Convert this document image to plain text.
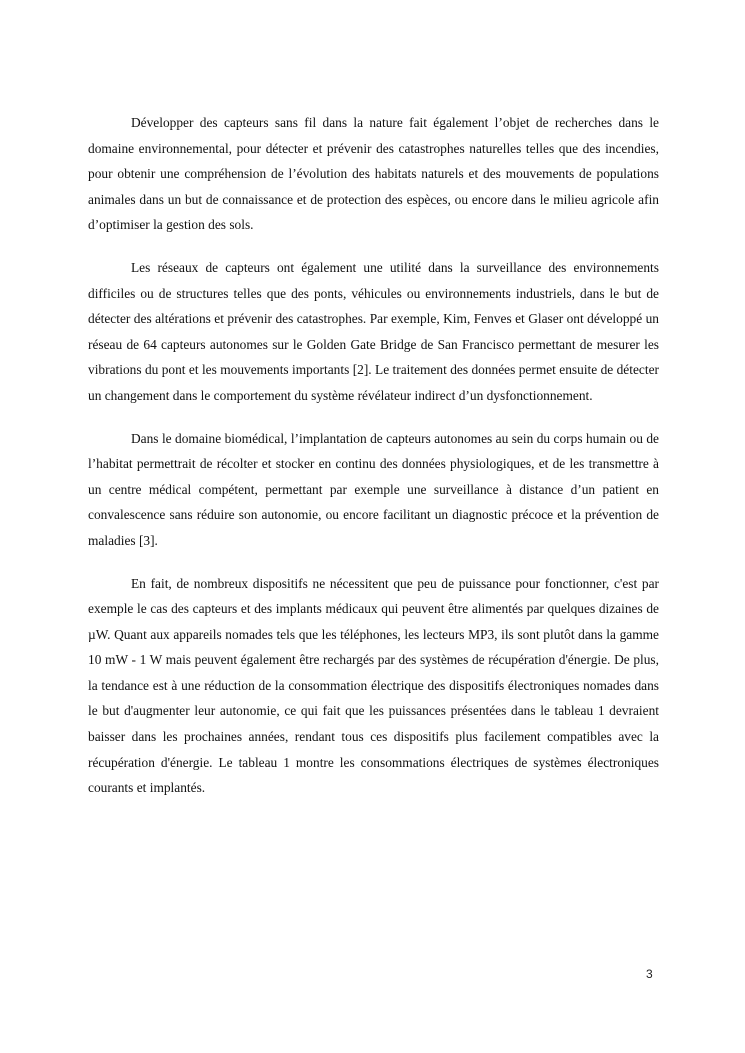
Développer des capteurs sans fil dans la nature fait également l’objet de recherches dans le domaine environnemental, pour détecter et prévenir des catastrophes naturelles telles que des incendies, pour obtenir une compréhension de l’évolution des habitats naturels et des mouvements de populations animales dans un but de connaissance et de protection des espèces, ou encore dans le milieu agricole afin d’optimiser la gestion des sols.

Les réseaux de capteurs ont également une utilité dans la surveillance des environnements difficiles ou de structures telles que des ponts, véhicules ou environnements industriels, dans le but de détecter des altérations et prévenir des catastrophes. Par exemple, Kim, Fenves et Glaser ont développé un réseau de 64 capteurs autonomes sur le Golden Gate Bridge de San Francisco permettant de mesurer les vibrations du pont et les mouvements importants [2]. Le traitement des données permet ensuite de détecter un changement dans le comportement du système révélateur indirect d’un dysfonctionnement.

Dans le domaine biomédical, l’implantation de capteurs autonomes au sein du corps humain ou de l’habitat permettrait de récolter et stocker en continu des données physiologiques, et de les transmettre à un centre médical compétent, permettant par exemple une surveillance à distance d’un patient en convalescence sans réduire son autonomie, ou encore facilitant un diagnostic précoce et la prévention de maladies [3].

En fait, de nombreux dispositifs ne nécessitent que peu de puissance pour fonctionner, c'est par exemple le cas des capteurs et des implants médicaux qui peuvent être alimentés par quelques dizaines de µW. Quant aux appareils nomades tels que les téléphones, les lecteurs MP3, ils sont plutôt dans la gamme 10 mW - 1 W mais peuvent également être rechargés par des systèmes de récupération d'énergie. De plus, la tendance est à une réduction de la consommation électrique des dispositifs électroniques nomades dans le but d'augmenter leur autonomie, ce qui fait que les puissances présentées dans le tableau 1 devraient baisser dans les prochaines années, rendant tous ces dispositifs plus facilement compatibles avec la récupération d'énergie. Le tableau 1 montre les consommations électriques de systèmes électroniques courants et implantés.

3
